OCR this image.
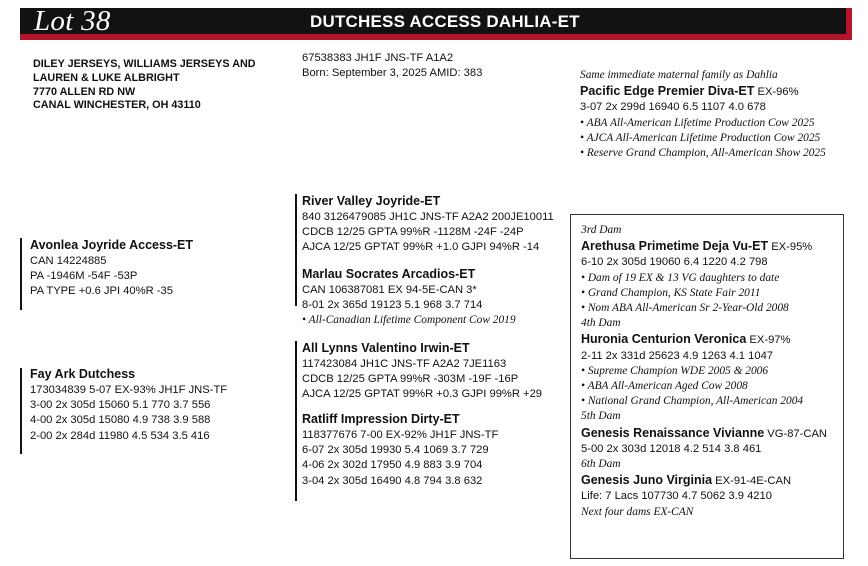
Lot 38	DUTCHESS ACCESS DAHLIA-ET
DILEY JERSEYS, WILLIAMS JERSEYS AND
LAUREN & LUKE ALBRIGHT
7770 ALLEN RD NW
CANAL WINCHESTER, OH 43110
67538383 JH1F JNS-TF A1A2
Born: September 3, 2025 AMID: 383	Same immediate maternal family as Dahlia
Pacific Edge Premier Diva-ET EX-96%
3-07 2x 299d 16940 6.5 1107 4.0 678
• ABA All-American Lifetime Production Cow 2025
• AJCA All-American Lifetime Production Cow 2025
• Reserve Grand Champion, All-American Show 2025
Avonlea Joyride Access-ET
CAN 14224885
PA -1946M -54F -53P
PA TYPE +0.6 JPI 40%R -35
Fay Ark Dutchess
173034839 5-07 EX-93% JH1F JNS-TF
3-00 2x 305d 15060 5.1 770 3.7 556
4-00 2x 305d 15080 4.9 738 3.9 588
2-00 2x 284d 11980 4.5 534 3.5 416
River Valley Joyride-ET
840 3126479085 JH1C JNS-TF A2A2 200JE10011
CDCB 12/25 GPTA 99%R -1128M -24F -24P
AJCA 12/25 GPTAT 99%R +1.0 GJPI 94%R -14
Marlau Socrates Arcadios-ET
CAN 106387081 EX 94-5E-CAN 3*
8-01 2x 365d 19123 5.1 968 3.7 714
• All-Canadian Lifetime Component Cow 2019
All Lynns Valentino Irwin-ET
117423084 JH1C JNS-TF A2A2 7JE1163
CDCB 12/25 GPTA 99%R -303M -19F -16P
AJCA 12/25 GPTAT 99%R +0.3 GJPI 99%R +29
Ratliff Impression Dirty-ET
118377676 7-00 EX-92% JH1F JNS-TF
6-07 2x 305d 19930 5.4 1069 3.7 729
4-06 2x 302d 17950 4.9 883 3.9 704
3-04 2x 305d 16490 4.8 794 3.8 632
3rd Dam
Arethusa Primetime Deja Vu-ET EX-95%
6-10 2x 305d 19060 6.4 1220 4.2 798
• Dam of 19 EX & 13 VG daughters to date
• Grand Champion, KS State Fair 2011
• Nom ABA All-American Sr 2-Year-Old 2008
4th Dam
Huronia Centurion Veronica EX-97%
2-11 2x 331d 25623 4.9 1263 4.1 1047
• Supreme Champion WDE 2005 & 2006
• ABA All-American Aged Cow 2008
• National Grand Champion, All-American 2004
5th Dam
Genesis Renaissance Vivianne VG-87-CAN
5-00 2x 303d 12018 4.2 514 3.8 461
6th Dam
Genesis Juno Virginia EX-91-4E-CAN
Life: 7 Lacs 107730 4.7 5062 3.9 4210
Next four dams EX-CAN
